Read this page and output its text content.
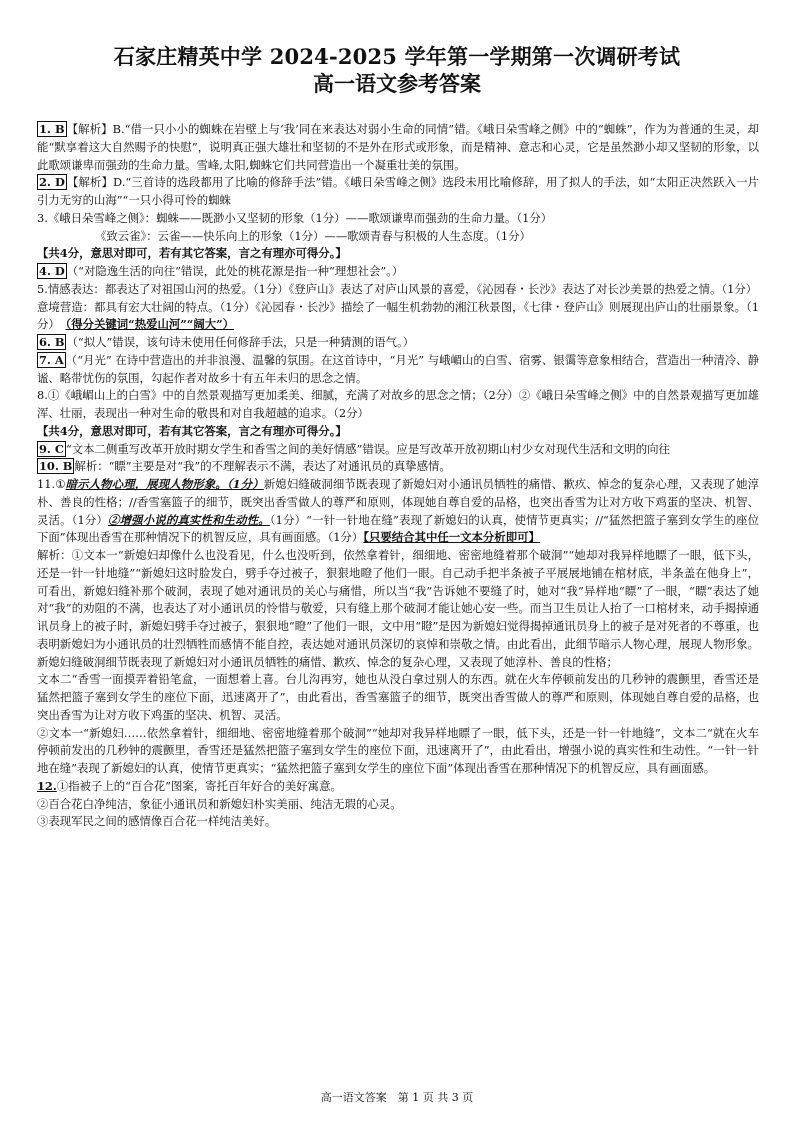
石家庄精英中学 2024-2025 学年第一学期第一次调研考试
高一语文参考答案

1. B 【解析】B.“借一只小小的蜘蛛在岩壁上与‘我’同在来表达对弱小生命的同情”错。《峨日朵雪峰之侧》中的“蜘蛛”，作为为普通的生灵，却能“默享着这大自然赐予的快慰”，说明真正强大雄壮和坚韧的不是外在形式或形象，而是精神、意志和心灵，它是虽然渺小却又坚韧的形象，以此歌颂谦卑而强劲的生命力量。雪峰,太阳,蜘蛛它们共同营造出一个凝重壮美的氛围。

2. D 【解析】D.“三首诗的选段都用了比喻的修辞手法”错。《峨日朵雪峰之侧》选段未用比喻修辞，用了拟人的手法，如“太阳正决然跃入一片引力无穷的山海”“一只小得可怜的蜘蛛

3.《峨日朵雪峰之侧》：蜘蛛——既渺小又坚韧的形象（1分）——歌颂谦卑而强劲的生命力量。（1分）

《致云雀》：云雀——快乐向上的形象（1分）——歌颂青春与积极的人生态度。（1分）

【共4分，意思对即可，若有其它答案，言之有理亦可得分。】

4. D （“对隐逸生活的向往”错误，此处的桃花源是指一种“理想社会”。）

5.情感表达：都表达了对祖国山河的热爱。（1分）《登庐山》表达了对庐山风景的喜爱，《沁园春・长沙》表达了对长沙美景的热爱之情。（1分）

意境营造：都具有宏大壮阔的特点。（1分）《沁园春・长沙》描绘了一幅生机勃勃的湘江秋景图，《七律・登庐山》则展现出庐山的壮丽景象。（1分）　 （得分关键词“热爱山河”“阔大”）

6. B （“拟人”错误，该句诗未使用任何修辞手法，只是一种猜测的语气。）

7. A （“月光” 在诗中营造出的并非浪漫、温馨的氛围。在这首诗中，“月光” 与峨嵋山的白雪、宿雾、银霭等意象相结合，营造出一种清冷、静谧、略带忧伤的氛围，勾起作者对故乡十有五年未归的思念之情。

8.①《峨嵋山上的白雪》中的自然景观描写更加柔美、细腻，充满了对故乡的思念之情；（2分）②《峨日朵雪峰之侧》中的自然景观描写更加雄浑、壮丽，表现出一种对生命的敬畏和对自我超越的追求。（2分）

【共4分，意思对即可，若有其它答案，言之有理亦可得分。】

9. C “文本二侧重写改革开放时期女学生和香雪之间的美好情感”错误。应是写改革开放初期山村少女对现代生活和文明的向往

10. B 解析：“瞟”主要是对“我”的不理解表示不满，表达了对通讯员的真挚感情。

11.①暗示人物心理，展现人物形象。（1分）新媳妇缝破洞细节既表现了新媳妇对小通讯员牺牲的痛惜、歉疚、悼念的复杂心理，又表现了她淳朴、善良的性格；//香雪塞篮子的细节，既突出香雪做人的尊严和原则，体现她自尊自爱的品格，也突出香雪为让对方收下鸡蛋的坚决、机智、灵活。（1分）②增强小说的真实性和生动性。（1分）“一针一针地在缝”表现了新媳妇的认真，使情节更真实；//“猛然把篮子塞到女学生的座位下面”体现出香雪在那种情况下的机智反应，具有画面感。（1分）【只要结合其中任一文本分析即可】

解析：①文本一“新媳妇却像什么也没看见，什么也没听到，依然拿着针，细细地、密密地缝着那个破洞”“她却对我异样地瞟了一眼，低下头，还是一针一针地缝”“新媳妇这时脸发白，劈手夺过被子，狠狠地瞪了他们一眼。自己动手把半条被子平展展地铺在棺材底，半条盖在他身上”，可看出，新媳妇缝补那个破洞，表现了她对通讯员的关心与痛惜，所以当“我”告诉她不要缝了时，她对“我”异样地“瞟”了一眼，“瞟”表达了她对“我”的劝阻的不满，也表达了对小通讯员的怜惜与敬爱，只有缝上那个破洞才能让她心安一些。而当卫生员让人抬了一口棺材来，动手揭掉通讯员身上的被子时，新媳妇劈手夺过被子，狠狠地“瞪”了他们一眼，文中用“瞪”是因为新媳妇觉得揭掉通讯员身上的被子是对死者的不尊重，也表明新媳妇为小通讯员的壮烈牺牲而感情不能自控，表达她对通讯员深切的哀悼和崇敬之情。由此看出，此细节暗示人物心理，展现人物形象。新媳妇缝破洞细节既表现了新媳妇对小通讯员牺牲的痛惜、歉疚、悼念的复杂心理，又表现了她淳朴、善良的性格；

文本二“香雪一面摸弄着铅笔盒，一面想着上喜。台儿沟再穷，她也从没白拿过别人的东西。就在火车停顿前发出的几秒钟的震颤里，香雪还是猛然把篮子塞到女学生的座位下面，迅速离开了”，由此看出，香雪塞篮子的细节，既突出香雪做人的尊严和原则，体现她自尊自爱的品格，也突出香雪为让对方收下鸡蛋的坚决、机智、灵活。

②文本一“新媳妇……依然拿着针，细细地、密密地缝着那个破洞”“她却对我异样地瞟了一眼，低下头，还是一针一针地缝”，文本二“就在火车停顿前发出的几秒钟的震颤里，香雪还是猛然把篮子塞到女学生的座位下面，迅速离开了”，由此看出，增强小说的真实性和生动性。“一针一针地在缝”表现了新媳妇的认真，使情节更真实；“猛然把篮子塞到女学生的座位下面”体现出香雪在那种情况下的机智反应，具有画面感。

12.①指被子上的“百合花”图案，寄托百年好合的美好寓意。

②百合花白净纯洁，象征小通讯员和新媳妇朴实美丽、纯洁无瑕的心灵。

③表现军民之间的感情像百合花一样纯洁美好。

高一语文答案　第 1 页 共 3 页
